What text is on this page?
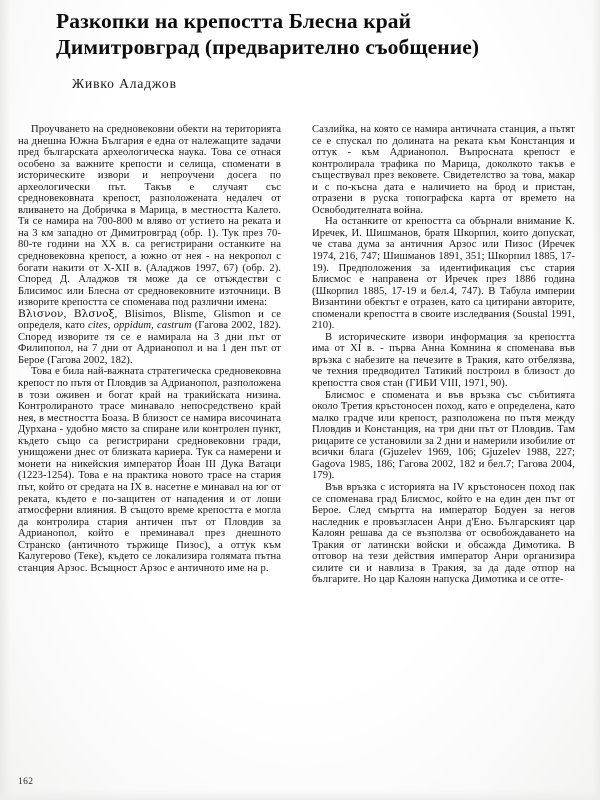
Разкопки на крепостта Блесна край
Димитровград (предварително съобщение)
Живко Аладжов

Проучването на средновековни обекти на територията на днешна Южна България е една от належащите задачи пред българската археологическа наука. Това се отнася особено за важните крепости и селища, споменати в историческите извори и непроучени досега по археологически път. Такъв е случаят със средновековната крепост, разположената недалеч от вливането на Добричка в Марица, в местността Калето. Тя се намира на 700-800 м вляво от устието на реката и на 3 км западно от Димитровград (обр. 1). Тук през 70-80-те години на XX в. са регистрирани останките на средновековна крепост, а южно от нея - на некропол с богати накити от X-XII в. (Аладжов 1997, 67) (обр. 2). Според Д. Аладжов тя може да се отъждестви с Блисимос или Блесна от средновековните източници. В изворите крепостта се споменава под различни имена:

Βλισνον, Βλσνοξ, Blisimos, Blisme, Glismon и се определя, като cites, oppidum, castrum (Гагова 2002, 182). Според изворите тя се е намирала на 3 дни път от Филипопол, на 7 дни от Адрианопол и на 1 ден път от Берое (Гагова 2002, 182).

Това е била най-важната стратегическа средновековна крепост по пътя от Пловдив за Адрианопол, разположена в този оживен и богат край на тракийската низина. Контролираното трасе минавало непосредствено край нея, в местността Боаза. В близост се намира височината Дурхана - удобно място за спиране или контролен пункт, където също са регистрирани средновековни гради, унищожени днес от близката кариера. Тук са намерени и монети на никейския император Йоан III Дука Ватаци (1223-1254). Това е на практика новото трасе на стария път, който от средата на IX в. насетне е минавал на юг от реката, където е по-защитен от нападения и от лоши атмосферни влияния. В същото време крепостта е могла да контролира стария античен път от Пловдив за Адрианопол, който е преминавал през днешното Странско (античното тържище Пизос), а оттук към Калугерово (Теке), където се локализира голямата пътна станция Арзос. Всъщност Арзос е античното име на р.

Сазлийка, на която се намира античната станция, а пътят се е спускал по долината на реката към Констанция и оттук - към Адрианопол. Въпросната крепост е контролирала трафика по Марица, доколкото такъв е съществувал през вековете. Свидетелство за това, макар и с по-късна дата е наличието на брод и пристан, отразени в руска топографска карта от времето на Освободителната война.

На останките от крепостта са обърнали внимание К. Иречек, И. Шишманов, братя Шкорпил, които допускат, че става дума за античния Арзос или Пизос (Иречек 1974, 216, 747; Шишманов 1891, 351; Шкорпил 1885, 17-19). Предположения за идентификация със стария Блисмос е направена от Иречек през 1886 година (Шкорпил 1885, 17-19 и бел.4, 747). В Табула империи Византини обектът е отразен, като са цитирани авторите, споменали крепостта в своите изследвания (Soustal 1991, 210).

В историческите извори информация за крепостта има от XI в. - първа Анна Комнина я споменава във връзка с набезите на печезите в Тракия, като отбелязва, че техния предводител Татикий построил в близост до крепостта своя стан (ГИБИ VIII, 1971, 90).

Блисмос е спомената и във връзка със събитията около Третия кръстоносен поход, като е определена, като малко градче или крепост, разположена по пътя между Пловдив и Констанция, на три дни път от Пловдив. Там рицарите се установили за 2 дни и намерили изобилие от всички блага (Gjuzelev 1969, 106; Gjuzelev 1988, 227; Gagova 1985, 186; Гагова 2002, 182 и бел.7; Гагова 2004, 179).

Във връзка с историята на IV кръстоносен поход пак се споменава град Блисмос, който е на един ден път от Берое. След смъртта на император Бодуен за негов наследник е провъзгласен Анри д'Ено. Българският цар Калоян решава да се възползва от освобождаването на Тракия от латински войски и обсажда Димотика. В отговор на тези действия император Анри организира силите си и навлиза в Тракия, за да даде отпор на българите. Но цар Калоян напуска Димотика и се отте-

162
